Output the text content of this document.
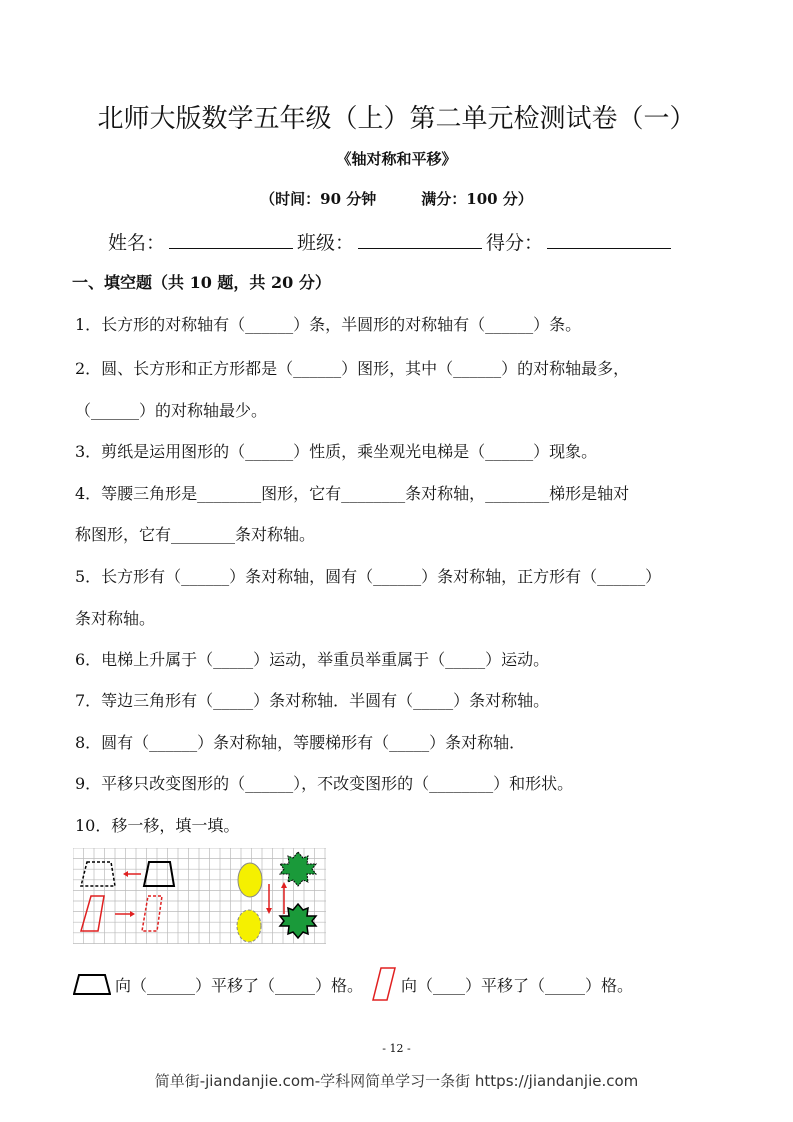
北师大版数学五年级（上）第二单元检测试卷（一）
《轴对称和平移》
（时间：90 分钟　　　满分：100 分）
姓名：	班级：	得分：
一、填空题（共 10 题，共 20 分）
1．长方形的对称轴有（______）条，半圆形的对称轴有（______）条。
2．圆、长方形和正方形都是（______）图形，其中（______）的对称轴最多，
（______）的对称轴最少。
3．剪纸是运用图形的（______）性质，乘坐观光电梯是（______）现象。
4．等腰三角形是________图形，它有________条对称轴，________梯形是轴对
称图形，它有________条对称轴。
5．长方形有（______）条对称轴，圆有（______）条对称轴，正方形有（______）
条对称轴。
6．电梯上升属于（_____）运动，举重员举重属于（_____）运动。
7．等边三角形有（_____）条对称轴．半圆有（_____）条对称轴。
8．圆有（______）条对称轴，等腰梯形有（_____）条对称轴．
9．平移只改变图形的（______），不改变图形的（________）和形状。
10．移一移，填一填。
向（______）平移了（_____）格。 向（____）平移了（_____）格。
- 12 -
简单街-jiandanjie.com-学科网简单学习一条街 https://jiandanjie.com
